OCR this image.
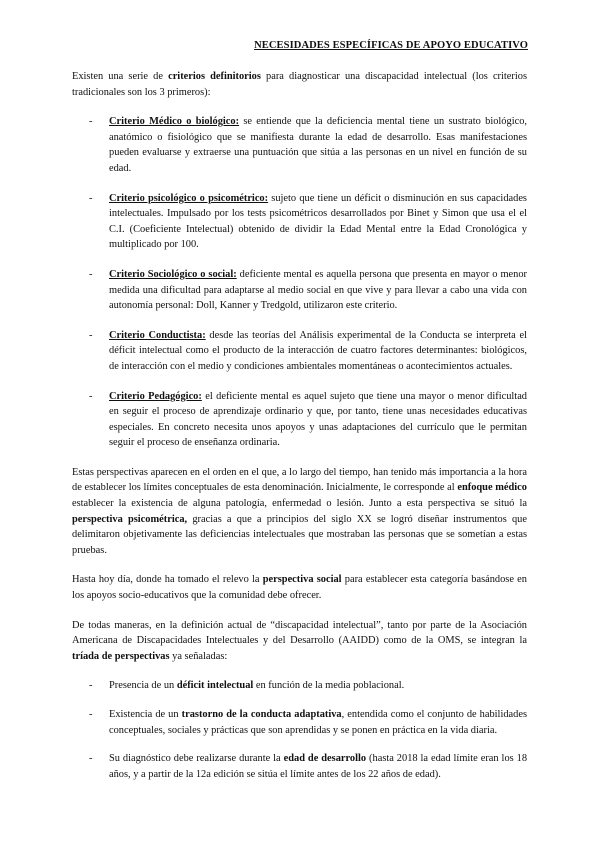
NECESIDADES ESPECÍFICAS DE APOYO EDUCATIVO

Existen una serie de criterios definitorios para diagnosticar una discapacidad intelectual (los criterios tradicionales son los 3 primeros):

- Criterio Médico o biológico: se entiende que la deficiencia mental tiene un sustrato biológico, anatómico o fisiológico que se manifiesta durante la edad de desarrollo. Esas manifestaciones pueden evaluarse y extraerse una puntuación que sitúa a las personas en un nivel en función de su edad.
- Criterio psicológico o psicométrico: sujeto que tiene un déficit o disminución en sus capacidades intelectuales. Impulsado por los tests psicométricos desarrollados por Binet y Simon que usa el el C.I. (Coeficiente Intelectual) obtenido de dividir la Edad Mental entre la Edad Cronológica y multiplicado por 100.
- Criterio Sociológico o social: deficiente mental es aquella persona que presenta en mayor o menor medida una dificultad para adaptarse al medio social en que vive y para llevar a cabo una vida con autonomía personal: Doll, Kanner y Tredgold, utilizaron este criterio.
- Criterio Conductista: desde las teorías del Análisis experimental de la Conducta se interpreta el déficit intelectual como el producto de la interacción de cuatro factores determinantes: biológicos, de interacción con el medio y condiciones ambientales momentáneas o acontecimientos actuales.
- Criterio Pedagógico: el deficiente mental es aquel sujeto que tiene una mayor o menor dificultad en seguir el proceso de aprendizaje ordinario y que, por tanto, tiene unas necesidades educativas especiales. En concreto necesita unos apoyos y unas adaptaciones del currículo que le permitan seguir el proceso de enseñanza ordinaria.

Estas perspectivas aparecen en el orden en el que, a lo largo del tiempo, han tenido más importancia a la hora de establecer los límites conceptuales de esta denominación. Inicialmente, le corresponde al enfoque médico establecer la existencia de alguna patología, enfermedad o lesión. Junto a esta perspectiva se situó la perspectiva psicométrica, gracias a que a principios del siglo XX se logró diseñar instrumentos que delimitaron objetivamente las deficiencias intelectuales que mostraban las personas que se sometían a estas pruebas.

Hasta hoy día, donde ha tomado el relevo la perspectiva social para establecer esta categoría basándose en los apoyos socio-educativos que la comunidad debe ofrecer.

De todas maneras, en la definición actual de “discapacidad intelectual”, tanto por parte de la Asociación Americana de Discapacidades Intelectuales y del Desarrollo (AAIDD) como de la OMS, se integran la tríada de perspectivas ya señaladas:

- Presencia de un déficit intelectual en función de la media poblacional.
- Existencia de un trastorno de la conducta adaptativa, entendida como el conjunto de habilidades conceptuales, sociales y prácticas que son aprendidas y se ponen en práctica en la vida diaria.
- Su diagnóstico debe realizarse durante la edad de desarrollo (hasta 2018 la edad límite eran los 18 años, y a partir de la 12a edición se sitúa el límite antes de los 22 años de edad).
